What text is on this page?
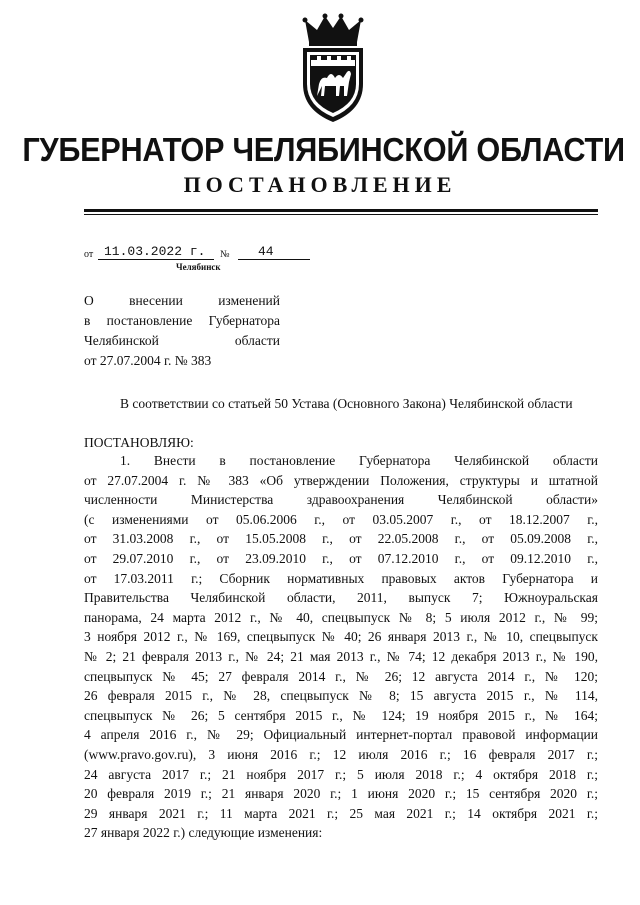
ГУБЕРНАТОР ЧЕЛЯБИНСКОЙ ОБЛАСТИ
ПОСТАНОВЛЕНИЕ
от 11.03.2022 г. № 44
Челябинск
О внесении изменений
в постановление Губернатора
Челябинской области
от 27.07.2004 г. № 383
В соответствии со статьей 50 Устава (Основного Закона) Челябинской области
ПОСТАНОВЛЯЮ:
1. Внести в постановление Губернатора Челябинской области
от 27.07.2004 г. № 383 «Об утверждении Положения, структуры и штатной
численности Министерства здравоохранения Челябинской области»
(с изменениями от 05.06.2006 г., от 03.05.2007 г., от 18.12.2007 г.,
от 31.03.2008 г., от 15.05.2008 г., от 22.05.2008 г., от 05.09.2008 г.,
от 29.07.2010 г., от 23.09.2010 г., от 07.12.2010 г., от 09.12.2010 г.,
от 17.03.2011 г.; Сборник нормативных правовых актов Губернатора и
Правительства Челябинской области, 2011, выпуск 7; Южноуральская
панорама, 24 марта 2012 г., № 40, спецвыпуск № 8; 5 июля 2012 г., № 99;
3 ноября 2012 г., № 169, спецвыпуск № 40; 26 января 2013 г., № 10, спецвыпуск
№ 2; 21 февраля 2013 г., № 24; 21 мая 2013 г., № 74; 12 декабря 2013 г., № 190,
спецвыпуск № 45; 27 февраля 2014 г., № 26; 12 августа 2014 г., № 120;
26 февраля 2015 г., № 28, спецвыпуск № 8; 15 августа 2015 г., № 114,
спецвыпуск № 26; 5 сентября 2015 г., № 124; 19 ноября 2015 г., № 164;
4 апреля 2016 г., № 29; Официальный интернет-портал правовой информации
(www.pravo.gov.ru), 3 июня 2016 г.; 12 июля 2016 г.; 16 февраля 2017 г.;
24 августа 2017 г.; 21 ноября 2017 г.; 5 июля 2018 г.; 4 октября 2018 г.;
20 февраля 2019 г.; 21 января 2020 г.; 1 июня 2020 г.; 15 сентября 2020 г.;
29 января 2021 г.; 11 марта 2021 г.; 25 мая 2021 г.; 14 октября 2021 г.;
27 января 2022 г.) следующие изменения:
